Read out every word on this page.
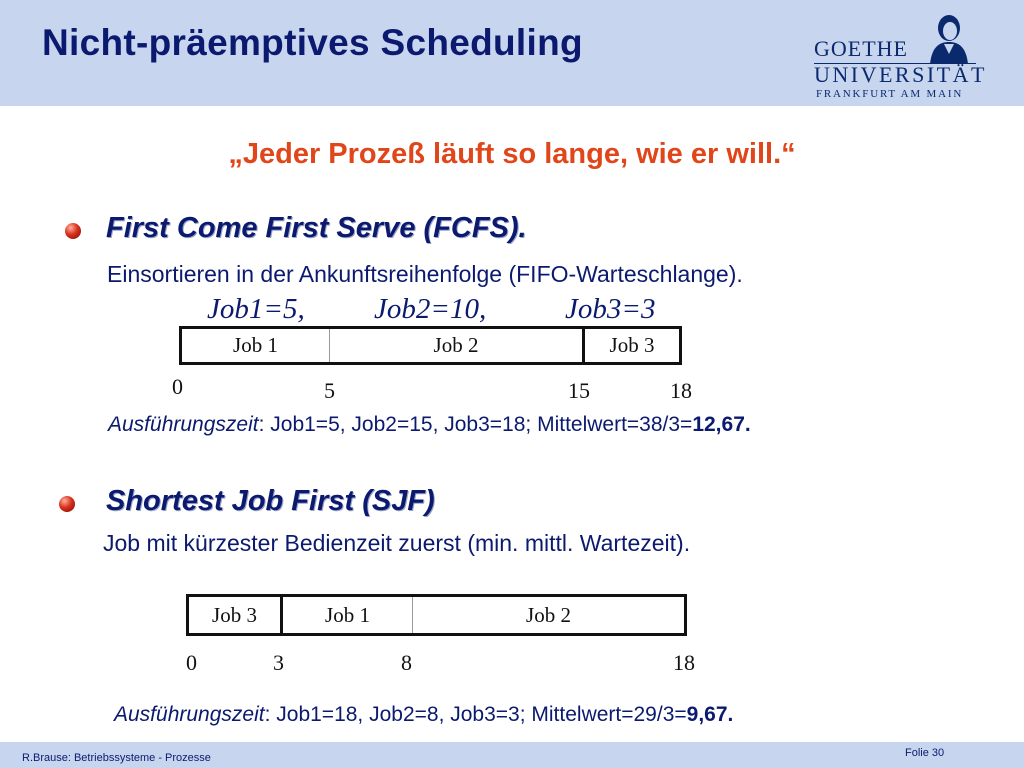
Nicht-präemptives Scheduling	GOETHE
UNIVERSITÄT
FRANKFURT AM MAIN
„Jeder Prozeß läuft so lange, wie er will.“
First Come First Serve (FCFS).
Einsortieren in der Ankunftsreihenfolge (FIFO-Warteschlange).
Job1=5, Job2=10,	Job3=3
Job 1	Job 2	Job 3
0	5	15	18
Ausführungszeit: Job1=5, Job2=15, Job3=18; Mittelwert=38/3=12,67.
Shortest Job First (SJF)
Job mit kürzester Bedienzeit zuerst (min. mittl. Wartezeit).
Job 3	Job 1	Job 2
0	3	8	18
Ausführungszeit: Job1=18, Job2=8, Job3=3; Mittelwert=29/3=9,67.
R.Brause: Betriebssysteme - Prozesse	Folie 30
